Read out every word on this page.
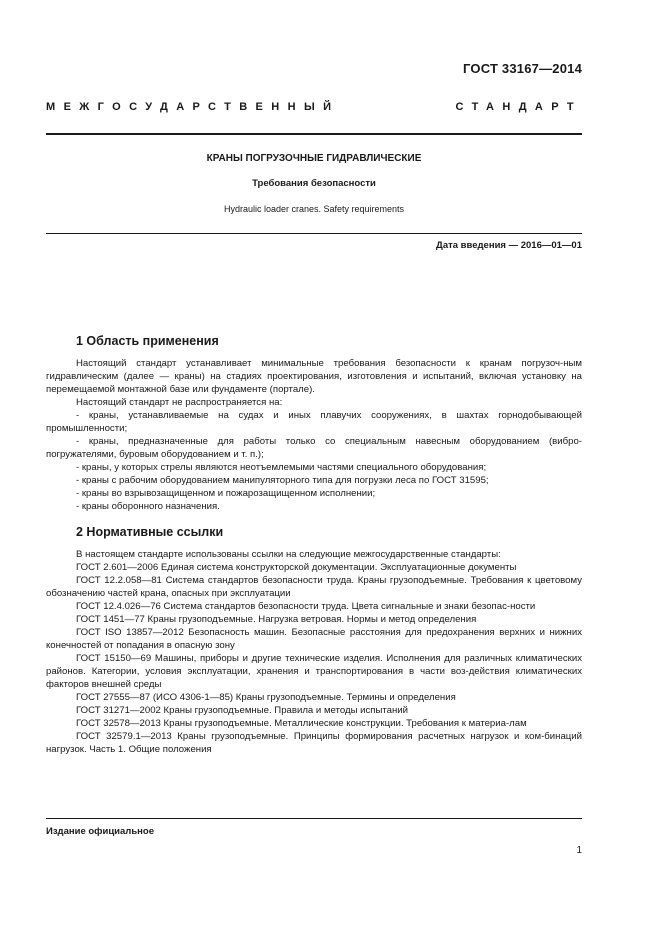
ГОСТ 33167—2014
МЕЖГОСУДАРСТВЕННЫЙ СТАНДАРТ
КРАНЫ ПОГРУЗОЧНЫЕ ГИДРАВЛИЧЕСКИЕ
Требования безопасности
Hydraulic loader cranes. Safety requirements
Дата введения — 2016—01—01
1 Область применения

Настоящий стандарт устанавливает минимальные требования безопасности к кранам погрузоч-ным гидравлическим (далее — краны) на стадиях проектирования, изготовления и испытаний, включая установку на перемещаемой монтажной базе или фундаменте (портале).

Настоящий стандарт не распространяется на:

- краны, устанавливаемые на судах и иных плавучих сооружениях, в шахтах горнодобывающей промышленности;

- краны, предназначенные для работы только со специальным навесным оборудованием (вибро-погружателями, буровым оборудованием и т. п.);

- краны, у которых стрелы являются неотъемлемыми частями специального оборудования;

- краны с рабочим оборудованием манипуляторного типа для погрузки леса по ГОСТ 31595;

- краны во взрывозащищенном и пожарозащищенном исполнении;

- краны оборонного назначения.

2 Нормативные ссылки

В настоящем стандарте использованы ссылки на следующие межгосударственные стандарты:

ГОСТ 2.601—2006 Единая система конструкторской документации. Эксплуатационные документы

ГОСТ 12.2.058—81 Система стандартов безопасности труда. Краны грузоподъемные. Требования к цветовому обозначению частей крана, опасных при эксплуатации

ГОСТ 12.4.026—76 Система стандартов безопасности труда. Цвета сигнальные и знаки безопас-ности

ГОСТ 1451—77 Краны грузоподъемные. Нагрузка ветровая. Нормы и метод определения

ГОСТ ISO 13857—2012 Безопасность машин. Безопасные расстояния для предохранения верхних и нижних конечностей от попадания в опасную зону

ГОСТ 15150—69 Машины, приборы и другие технические изделия. Исполнения для различных климатических районов. Категории, условия эксплуатации, хранения и транспортирования в части воз-действия климатических факторов внешней среды

ГОСТ 27555—87 (ИСО 4306-1—85) Краны грузоподъемные. Термины и определения

ГОСТ 31271—2002 Краны грузоподъемные. Правила и методы испытаний

ГОСТ 32578—2013 Краны грузоподъемные. Металлические конструкции. Требования к материа-лам

ГОСТ 32579.1—2013 Краны грузоподъемные. Принципы формирования расчетных нагрузок и ком-бинаций нагрузок. Часть 1. Общие положения

Издание официальное
1
